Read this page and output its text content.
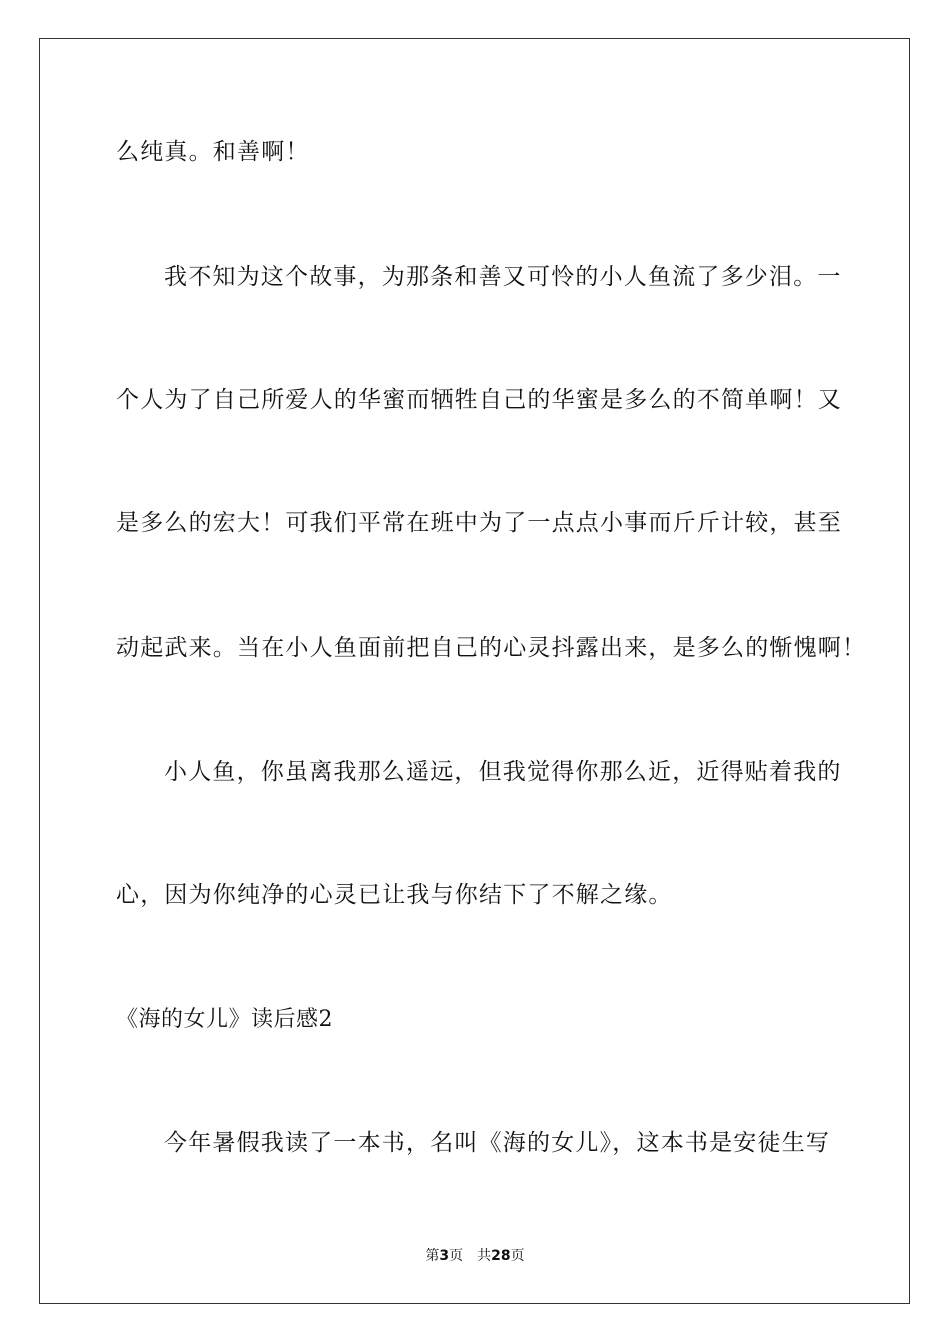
么纯真。和善啊！
我不知为这个故事，为那条和善又可怜的小人鱼流了多少泪。一
个人为了自己所爱人的华蜜而牺牲自己的华蜜是多么的不简单啊！又
是多么的宏大！可我们平常在班中为了一点点小事而斤斤计较，甚至
动起武来。当在小人鱼面前把自己的心灵抖露出来，是多么的惭愧啊！
小人鱼，你虽离我那么遥远，但我觉得你那么近，近得贴着我的
心，因为你纯净的心灵已让我与你结下了不解之缘。
《海的女儿》读后感2
今年暑假我读了一本书，名叫《海的女儿》，这本书是安徒生写
第3页 共28页
